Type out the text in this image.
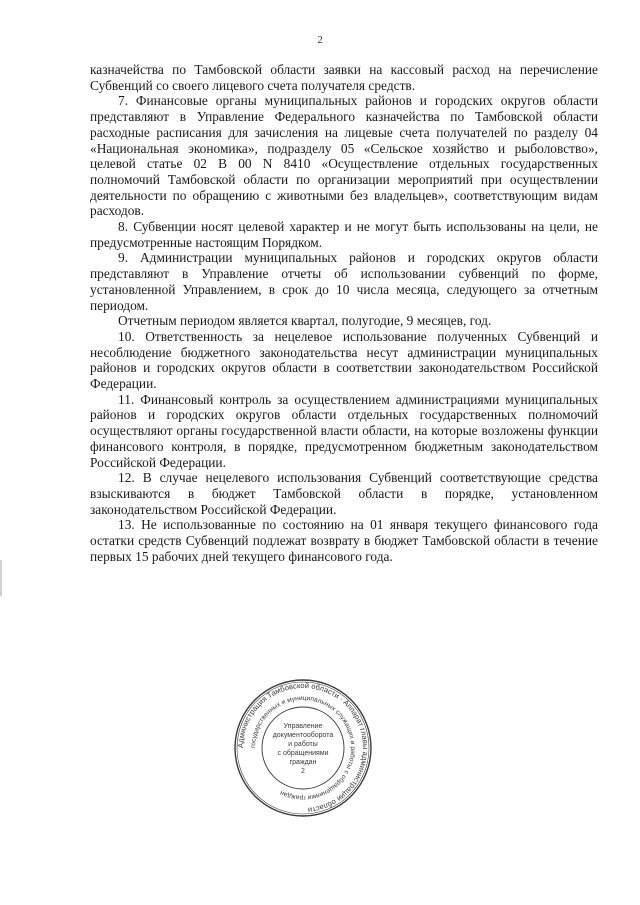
2

казначейства по Тамбовской области заявки на кассовый расход на перечисление Субвенций со своего лицевого счета получателя средств.

7. Финансовые органы муниципальных районов и городских округов области представляют в Управление Федерального казначейства по Тамбовской области расходные расписания для зачисления на лицевые счета получателей по разделу 04 «Национальная экономика», подразделу 05 «Сельское хозяйство и рыболовство», целевой статье 02 В 00 N 8410 «Осуществление отдельных государственных полномочий Тамбовской области по организации мероприятий при осуществлении деятельности по обращению с животными без владельцев», соответствующим видам расходов.

8. Субвенции носят целевой характер и не могут быть использованы на цели, не предусмотренные настоящим Порядком.

9. Администрации муниципальных районов и городских округов области представляют в Управление отчеты об использовании субвенций по форме, установленной Управлением, в срок до 10 числа месяца, следующего за отчетным периодом.

Отчетным периодом является квартал, полугодие, 9 месяцев, год.

10. Ответственность за нецелевое использование полученных Субвенций и несоблюдение бюджетного законодательства несут администрации муниципальных районов и городских округов области в соответствии законодательством Российской Федерации.

11. Финансовый контроль за осуществлением администрациями муниципальных районов и городских округов области отдельных государственных полномочий осуществляют органы государственной власти области, на которые возложены функции финансового контроля, в порядке, предусмотренном бюджетным законодательством Российской Федерации.

12. В случае нецелевого использования Субвенций соответствующие средства взыскиваются в бюджет Тамбовской области в порядке, установленном законодательством Российской Федерации.

13. Не использованные по состоянию на 01 января текущего финансового года остатки средств Субвенций подлежат возврату в бюджет Тамбовской области в течение первых 15 рабочих дней текущего финансового года.

Администрация Тамбовской области · Аппарат главы администрации области
государственных и муниципальных служащих и работы с обращениями граждан
Управление
документооборота
и работы
с обращениями
граждан
2
